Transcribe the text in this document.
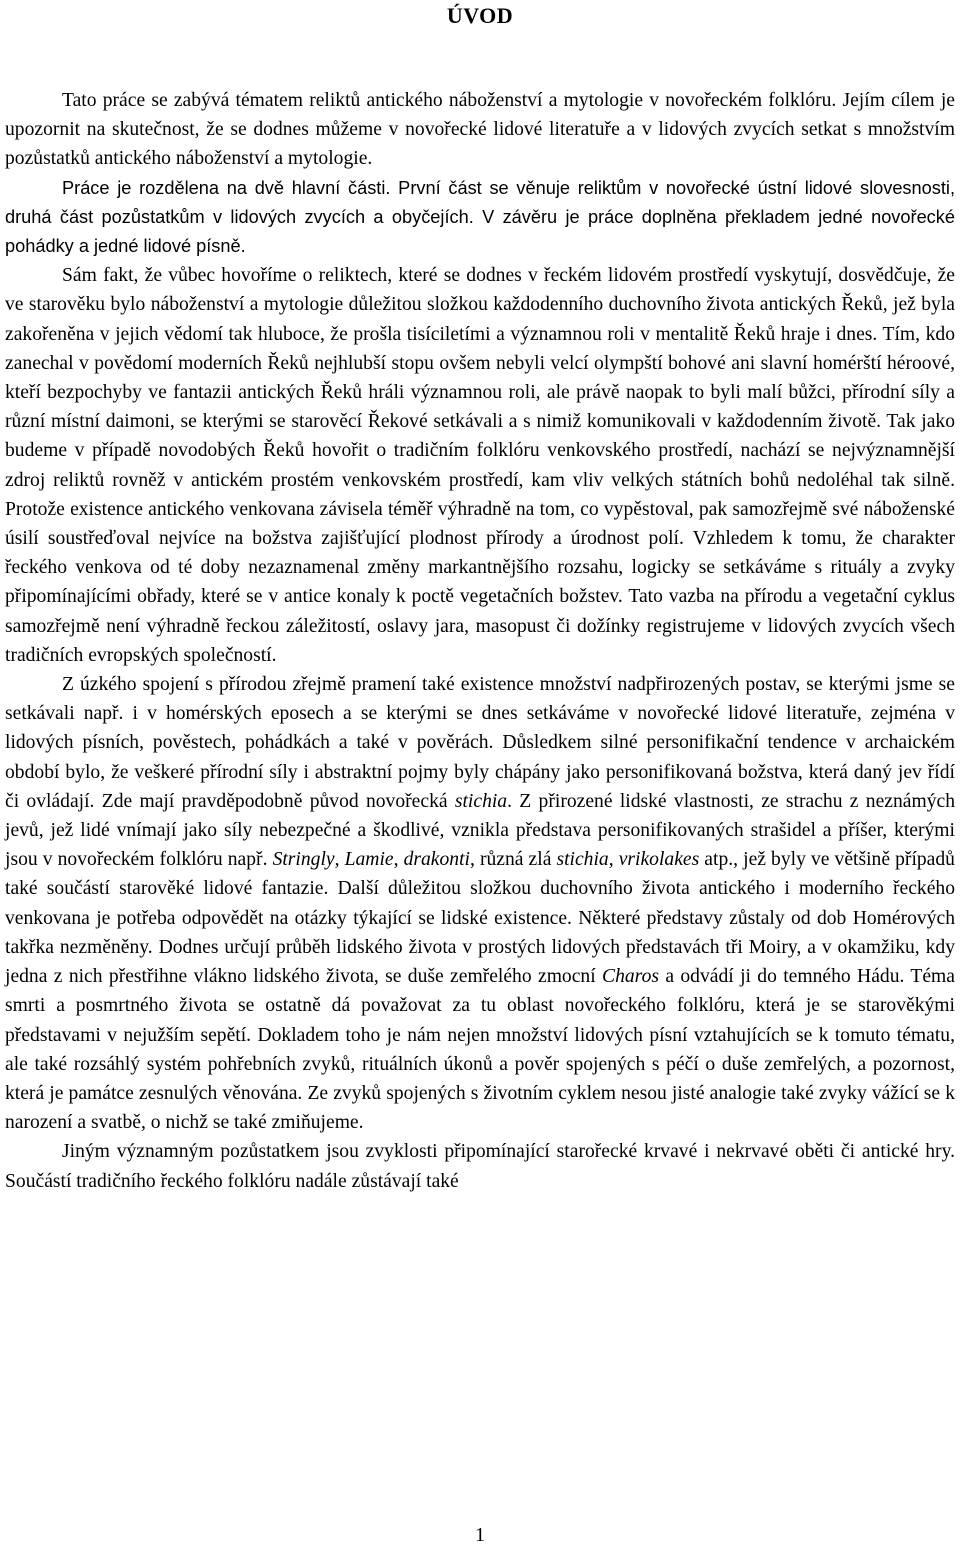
ÚVOD

Tato práce se zabývá tématem reliktů antického náboženství a mytologie v novořeckém folklóru. Jejím cílem je upozornit na skutečnost, že se dodnes můžeme v novořecké lidové literatuře a v lidových zvycích setkat s množstvím pozůstatků antického náboženství a mytologie.

Práce je rozdělena na dvě hlavní části. První část se věnuje reliktům v novořecké ústní lidové slovesnosti, druhá část pozůstatkům v lidových zvycích a obyčejích. V závěru je práce doplněna překladem jedné novořecké pohádky a jedné lidové písně.

Sám fakt, že vůbec hovoříme o reliktech, které se dodnes v řeckém lidovém prostředí vyskytují, dosvědčuje, že ve starověku bylo náboženství a mytologie důležitou složkou každodenního duchovního života antických Řeků, jež byla zakořeněna v jejich vědomí tak hluboce, že prošla tisíciletími a významnou roli v mentalitě Řeků hraje i dnes. Tím, kdo zanechal v povědomí moderních Řeků nejhlubší stopu ovšem nebyli velcí olympští bohové ani slavní homérští héroové, kteří bezpochyby ve fantazii antických Řeků hráli významnou roli, ale právě naopak to byli malí bůžci, přírodní síly a různí místní daimoni, se kterými se starověcí Řekové setkávali a s nimiž komunikovali v každodenním životě. Tak jako budeme v případě novodobých Řeků hovořit o tradičním folklóru venkovského prostředí, nachází se nejvýznamnější zdroj reliktů rovněž v antickém prostém venkovském prostředí, kam vliv velkých státních bohů nedoléhal tak silně. Protože existence antického venkovana závisela téměř výhradně na tom, co vypěstoval, pak samozřejmě své náboženské úsilí soustřeďoval nejvíce na božstva zajišťující plodnost přírody a úrodnost polí. Vzhledem k tomu, že charakter řeckého venkova od té doby nezaznamenal změny markantnějšího rozsahu, logicky se setkáváme s rituály a zvyky připomínajícími obřady, které se v antice konaly k poctě vegetačních božstev. Tato vazba na přírodu a vegetační cyklus samozřejmě není výhradně řeckou záležitostí, oslavy jara, masopust či dožínky registrujeme v lidových zvycích všech tradičních evropských společností.

Z úzkého spojení s přírodou zřejmě pramení také existence množství nadpřirozených postav, se kterými jsme se setkávali např. i v homérských eposech a se kterými se dnes setkáváme v novořecké lidové literatuře, zejména v lidových písních, pověstech, pohádkách a také v pověrách. Důsledkem silné personifikační tendence v archaickém období bylo, že veškeré přírodní síly i abstraktní pojmy byly chápány jako personifikovaná božstva, která daný jev řídí či ovládají. Zde mají pravděpodobně původ novořecká stichia. Z přirozené lidské vlastnosti, ze strachu z neznámých jevů, jež lidé vnímají jako síly nebezpečné a škodlivé, vznikla představa personifikovaných strašidel a příšer, kterými jsou v novořeckém folklóru např. Stringly, Lamie, drakonti, různá zlá stichia, vrikolakes atp., jež byly ve většině případů také součástí starověké lidové fantazie. Další důležitou složkou duchovního života antického i moderního řeckého venkovana je potřeba odpovědět na otázky týkající se lidské existence. Některé představy zůstaly od dob Homérových takřka nezměněny. Dodnes určují průběh lidského života v prostých lidových představách tři Moiry, a v okamžiku, kdy jedna z nich přestřihne vlákno lidského života, se duše zemřelého zmocní Charos a odvádí ji do temného Hádu. Téma smrti a posmrtného života se ostatně dá považovat za tu oblast novořeckého folklóru, která je se starověkými představami v nejužším sepětí. Dokladem toho je nám nejen množství lidových písní vztahujících se k tomuto tématu, ale také rozsáhlý systém pohřebních zvyků, rituálních úkonů a pověr spojených s péčí o duše zemřelých, a pozornost, která je památce zesnulých věnována. Ze zvyků spojených s životním cyklem nesou jisté analogie také zvyky vážící se k narození a svatbě, o nichž se také zmiňujeme.

Jiným významným pozůstatkem jsou zvyklosti připomínající starořecké krvavé i nekrvavé oběti či antické hry. Součástí tradičního řeckého folklóru nadále zůstávají také

1
